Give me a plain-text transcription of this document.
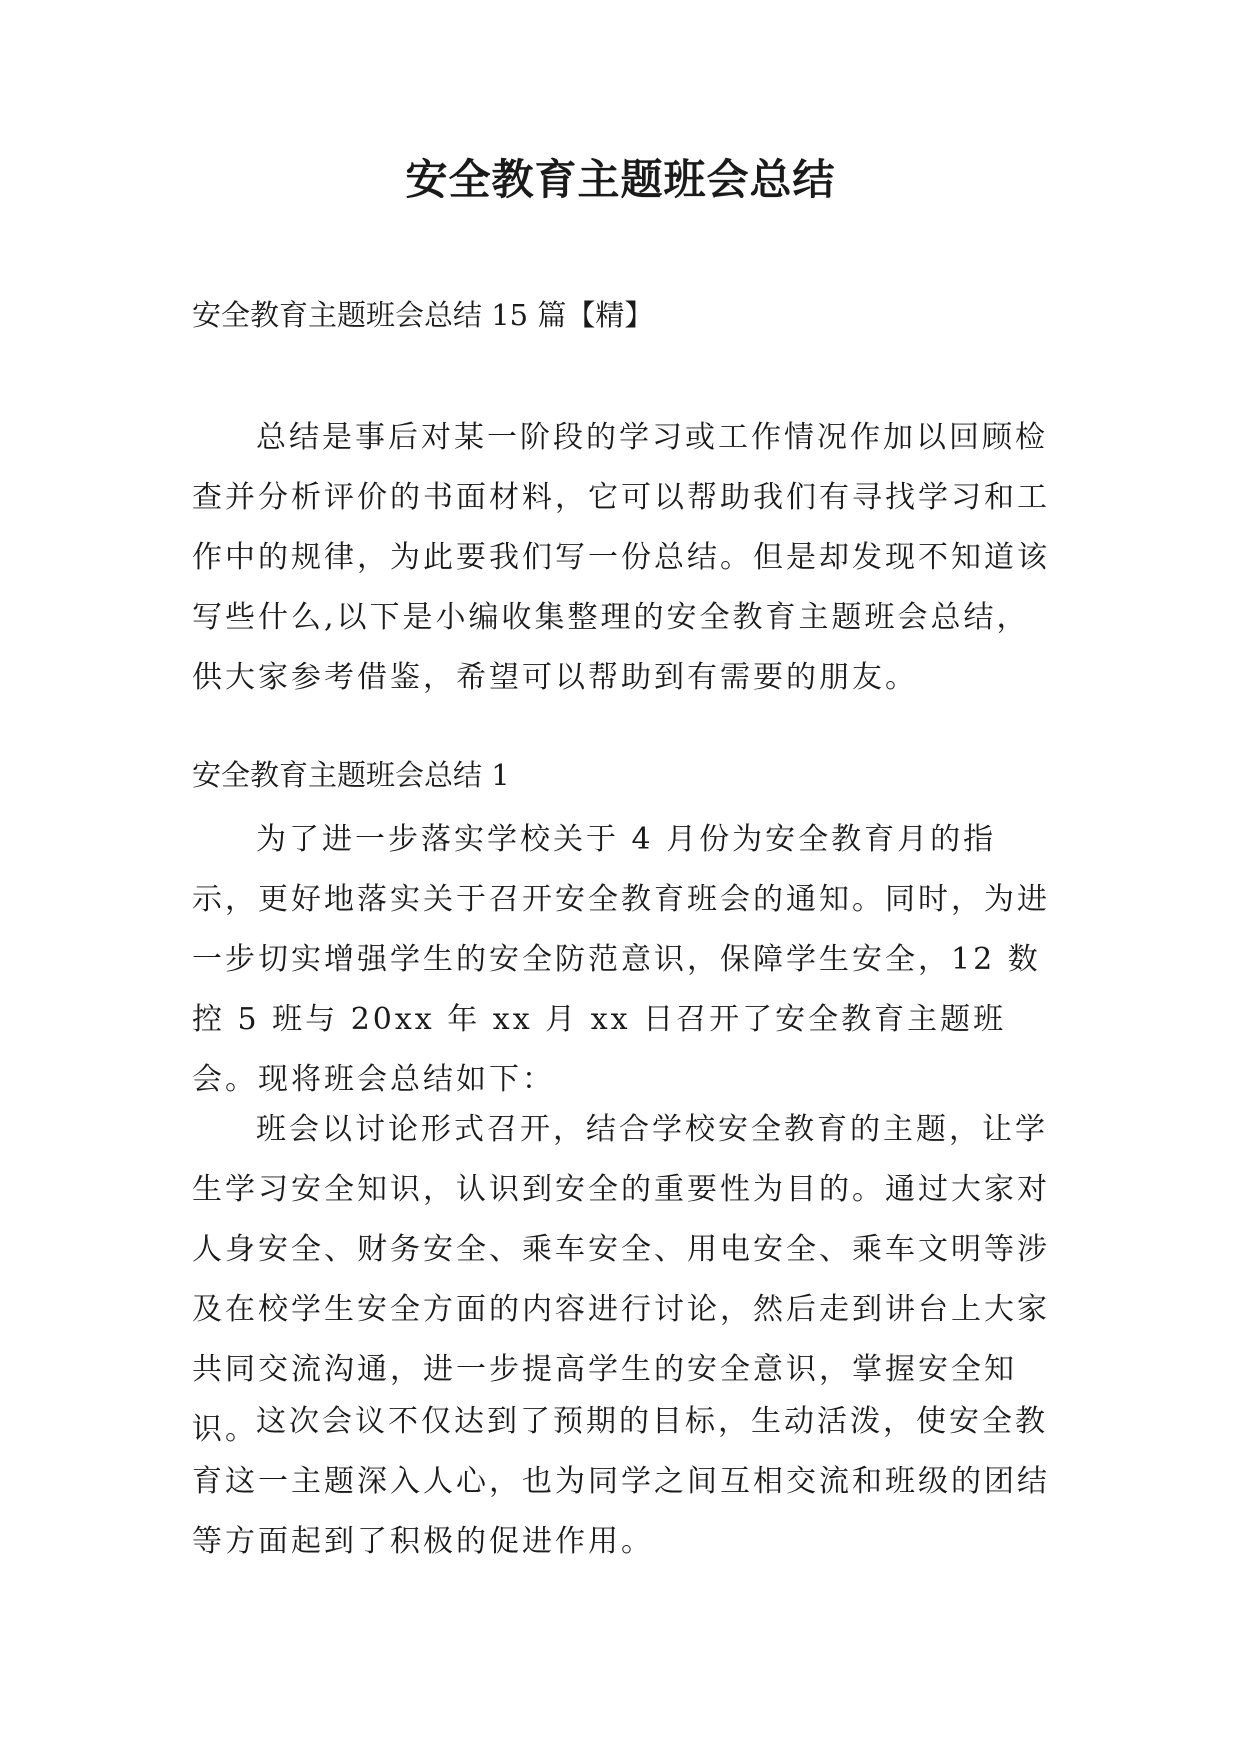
安全教育主题班会总结
安全教育主题班会总结 15 篇【精】

总结是事后对某一阶段的学习或工作情况作加以回顾检查并分析评价的书面材料，它可以帮助我们有寻找学习和工作中的规律，为此要我们写一份总结。但是却发现不知道该写些什么,以下是小编收集整理的安全教育主题班会总结，供大家参考借鉴，希望可以帮助到有需要的朋友。

安全教育主题班会总结 1

为了进一步落实学校关于 4 月份为安全教育月的指示，更好地落实关于召开安全教育班会的通知。同时，为进一步切实增强学生的安全防范意识，保障学生安全，12 数控 5 班与 20xx 年 xx 月 xx 日召开了安全教育主题班会。现将班会总结如下：

班会以讨论形式召开，结合学校安全教育的主题，让学生学习安全知识，认识到安全的重要性为目的。通过大家对人身安全、财务安全、乘车安全、用电安全、乘车文明等涉及在校学生安全方面的内容进行讨论，然后走到讲台上大家共同交流沟通，进一步提高学生的安全意识，掌握安全知识。

这次会议不仅达到了预期的目标，生动活泼，使安全教育这一主题深入人心，也为同学之间互相交流和班级的团结等方面起到了积极的促进作用。
